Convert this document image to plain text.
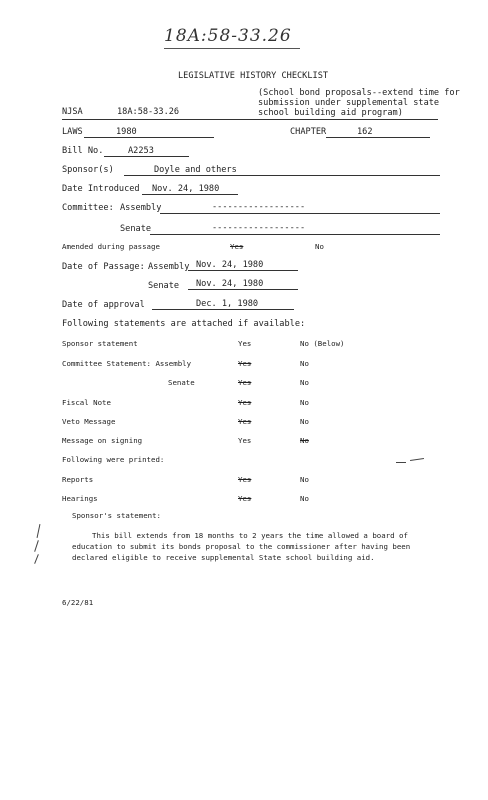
18A:58-33.26
LEGISLATIVE HISTORY CHECKLIST
(School bond proposals--extend time for
submission under supplemental state
school building aid program)
NJSA	18A:58-33.26
LAWS	1980	CHAPTER	162
Bill No.	A2253
Sponsor(s)	Doyle and others
Date Introduced Nov. 24, 1980
Committee: Assembly	------------------
Senate	------------------
Amended during passage	Yes	No
Date of Passage: Assembly Nov. 24, 1980
Senate Nov. 24, 1980
Date of approval	Dec. 1, 1980
Following statements are attached if available:
Sponsor statement	Yes	No (Below)
Committee Statement: Assembly	Yes	No
Senate	Yes	No
Fiscal Note	Yes	No
Veto Message	Yes	No
Message on signing	Yes	No
Following were printed:
Reports	Yes	No
Hearings	Yes	No
Sponsor's statement:
This bill extends from 18 months to 2 years the time allowed a board of
education to submit its bonds proposal to the commissioner after having been
declared eligible to receive supplemental State school building aid.
6/22/81
